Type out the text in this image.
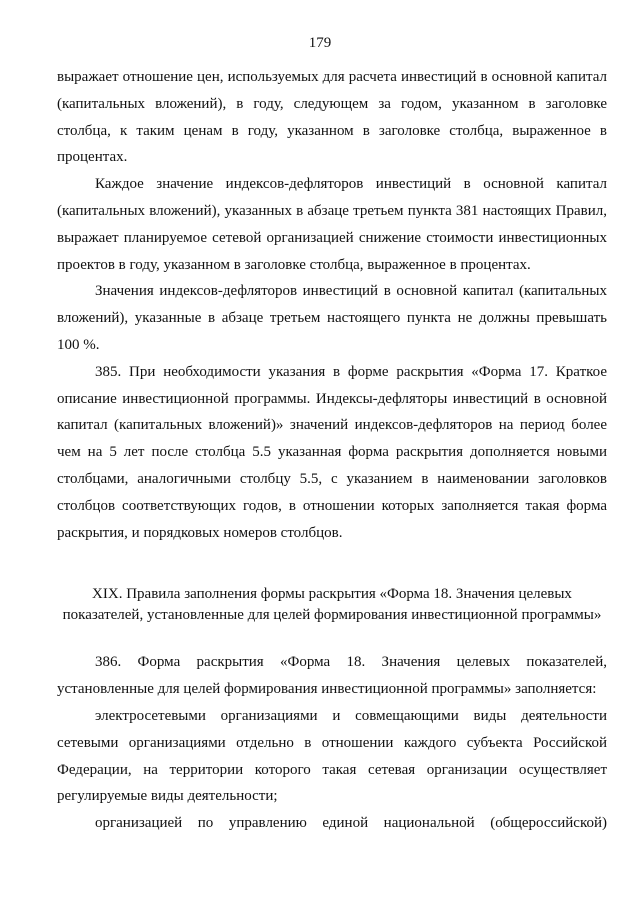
179

выражает отношение цен, используемых для расчета инвестиций в основной капитал (капитальных вложений), в году, следующем за годом, указанном в заголовке столбца, к таким ценам в году, указанном в заголовке столбца, выраженное в процентах.

Каждое значение индексов-дефляторов инвестиций в основной капитал (капитальных вложений), указанных в абзаце третьем пункта 381 настоящих Правил, выражает планируемое сетевой организацией снижение стоимости инвестиционных проектов в году, указанном в заголовке столбца, выраженное в процентах.

Значения индексов-дефляторов инвестиций в основной капитал (капитальных вложений), указанные в абзаце третьем настоящего пункта не должны превышать 100 %.

385. При необходимости указания в форме раскрытия «Форма 17. Краткое описание инвестиционной программы. Индексы-дефляторы инвестиций в основной капитал (капитальных вложений)» значений индексов-дефляторов на период более чем на 5 лет после столбца 5.5 указанная форма раскрытия дополняется новыми столбцами, аналогичными столбцу 5.5, с указанием в наименовании заголовков столбцов соответствующих годов, в отношении которых заполняется такая форма раскрытия, и порядковых номеров столбцов.

XIX. Правила заполнения формы раскрытия «Форма 18. Значения целевых
показателей, установленные для целей формирования инвестиционной программы»

386. Форма раскрытия «Форма 18. Значения целевых показателей, установленные для целей формирования инвестиционной программы» заполняется:

электросетевыми организациями и совмещающими виды деятельности сетевыми организациями отдельно в отношении каждого субъекта Российской Федерации, на территории которого такая сетевая организации осуществляет регулируемые виды деятельности;

организацией по управлению единой национальной (общероссийской)
